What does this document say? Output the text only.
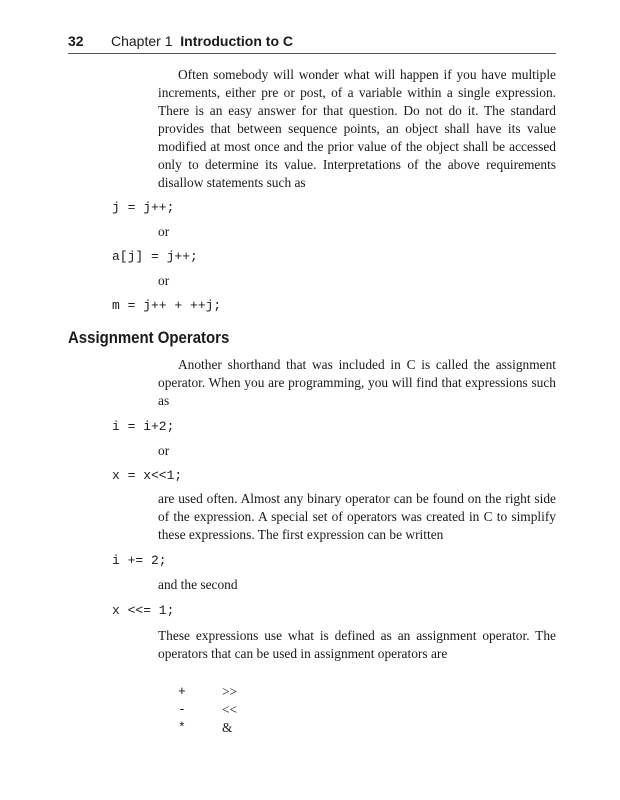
32 Chapter 1 Introduction to C

Often somebody will wonder what will happen if you have multiple increments, either pre or post, of a variable within a single expression. There is an easy answer for that question. Do not do it. The standard provides that between sequence points, an object shall have its value modified at most once and the prior value of the object shall be accessed only to determine its value. Interpretations of the above requirements disallow statements such as

j = j++;
or
a[j] = j++;
or
m = j++ + ++j;
Assignment Operators

Another shorthand that was included in C is called the assignment operator. When you are programming, you will find that expressions such as

i = i+2;
or
x = x<<1;

are used often. Almost any binary operator can be found on the right side of the expression. A special set of operators was created in C to simplify these expressions. The first expression can be written

i += 2;
and the second
x <<= 1;

These expressions use what is defined as an assignment operator. The operators that can be used in assignment operators are

+
-
*
>>
<<
&
